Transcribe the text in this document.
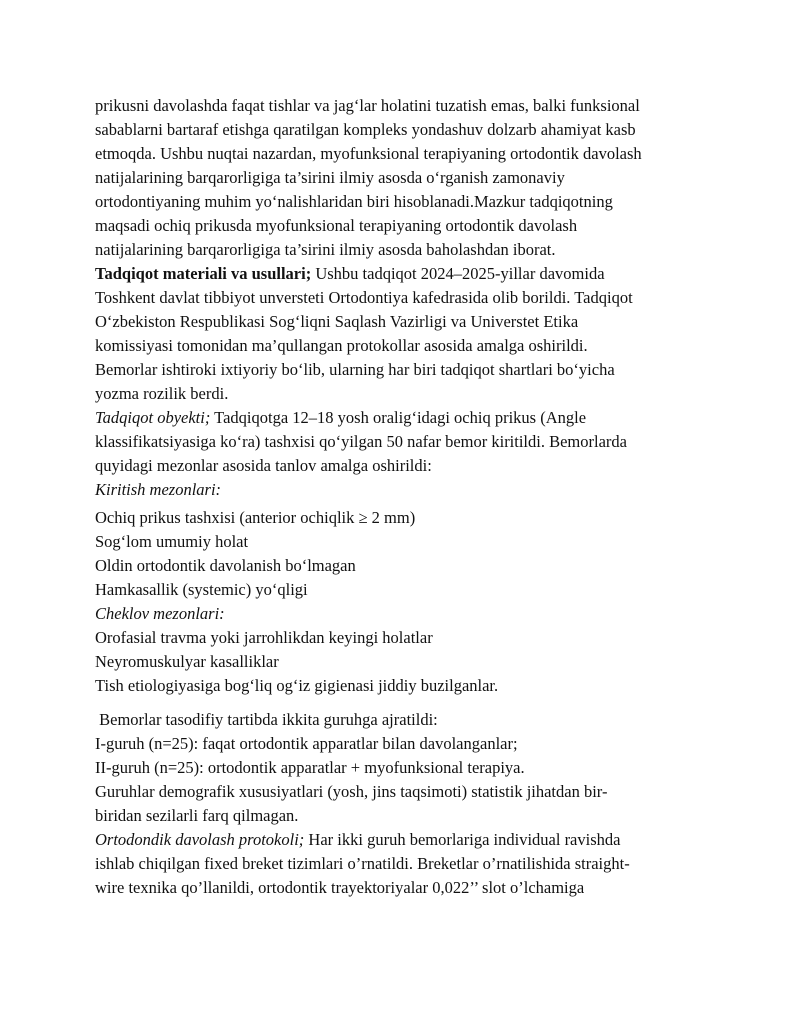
prikusni davolashda faqat tishlar va jag‘lar holatini tuzatish emas, balki funksional
sabablarni bartaraf etishga qaratilgan kompleks yondashuv dolzarb ahamiyat kasb
etmoqda. Ushbu nuqtai nazardan, myofunksional terapiyaning ortodontik davolash
natijalarining barqarorligiga ta’sirini ilmiy asosda o‘rganish zamonaviy
ortodontiyaning muhim yo‘nalishlaridan biri hisoblanadi.Mazkur tadqiqotning
maqsadi ochiq prikusda myofunksional terapiyaning ortodontik davolash
natijalarining barqarorligiga ta’sirini ilmiy asosda baholashdan iborat.
Tadqiqot materiali va usullari; Ushbu tadqiqot 2024–2025-yillar davomida
Toshkent davlat tibbiyot unversteti Ortodontiya kafedrasida olib borildi. Tadqiqot
O‘zbekiston Respublikasi Sog‘liqni Saqlash Vazirligi va Universtet Etika
komissiyasi tomonidan ma’qullangan protokollar asosida amalga oshirildi.
Bemorlar ishtiroki ixtiyoriy bo‘lib, ularning har biri tadqiqot shartlari bo‘yicha
yozma rozilik berdi.
Tadqiqot obyekti; Tadqiqotga 12–18 yosh oralig‘idagi ochiq prikus (Angle
klassifikatsiyasiga ko‘ra) tashxisi qo‘yilgan 50 nafar bemor kiritildi. Bemorlarda
quyidagi mezonlar asosida tanlov amalga oshirildi:
Kiritish mezonlari:
Ochiq prikus tashxisi (anterior ochiqlik ≥ 2 mm)
Sog‘lom umumiy holat
Oldin ortodontik davolanish bo‘lmagan
Hamkasallik (systemic) yo‘qligi
Cheklov mezonlari:
Orofasial travma yoki jarrohlikdan keyingi holatlar
Neyromuskulyar kasalliklar
Tish etiologiyasiga bog‘liq og‘iz gigienasi jiddiy buzilganlar.
Bemorlar tasodifiy tartibda ikkita guruhga ajratildi:
I-guruh (n=25): faqat ortodontik apparatlar bilan davolanganlar;
II-guruh (n=25): ortodontik apparatlar + myofunksional terapiya.
Guruhlar demografik xususiyatlari (yosh, jins taqsimoti) statistik jihatdan bir-
biridan sezilarli farq qilmagan.
Ortodondik davolash protokoli; Har ikki guruh bemorlariga individual ravishda
ishlab chiqilgan fixed breket tizimlari o’rnatildi. Breketlar o’rnatilishida straight-
wire texnika qo’llanildi, ortodontik trayektoriyalar 0,022’’ slot o’lchamiga
